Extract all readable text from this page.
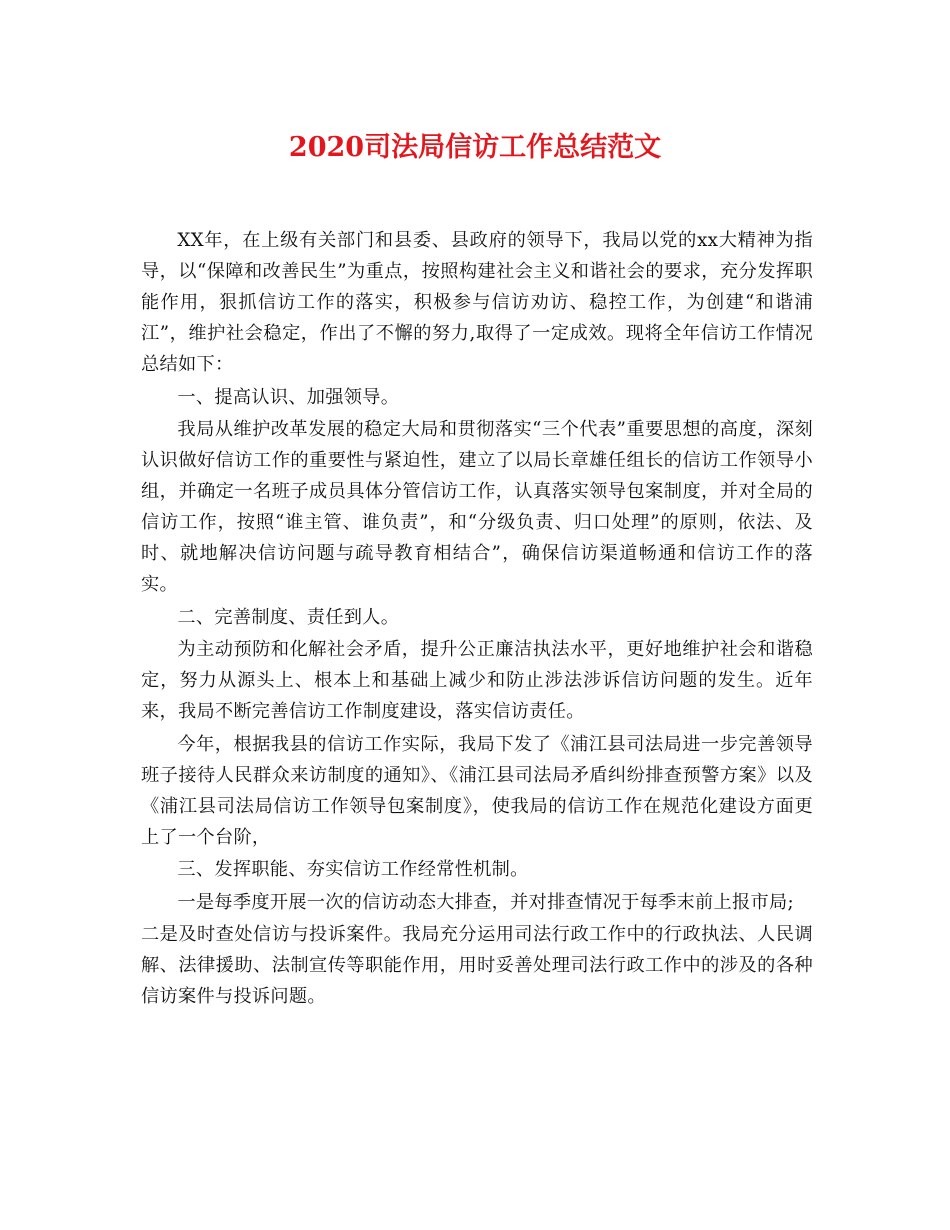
2020司法局信访工作总结范文

XX年，在上级有关部门和县委、县政府的领导下，我局以党的xx大精神为指导，以“保障和改善民生”为重点，按照构建社会主义和谐社会的要求，充分发挥职能作用，狠抓信访工作的落实，积极参与信访劝访、稳控工作，为创建“和谐浦江”，维护社会稳定，作出了不懈的努力,取得了一定成效。现将全年信访工作情况总结如下：

一、提高认识、加强领导。

我局从维护改革发展的稳定大局和贯彻落实“三个代表”重要思想的高度，深刻认识做好信访工作的重要性与紧迫性，建立了以局长章雄任组长的信访工作领导小组，并确定一名班子成员具体分管信访工作，认真落实领导包案制度，并对全局的信访工作，按照“谁主管、谁负责”，和“分级负责、归口处理”的原则，依法、及时、就地解决信访问题与疏导教育相结合”，确保信访渠道畅通和信访工作的落实。

二、完善制度、责任到人。

为主动预防和化解社会矛盾，提升公正廉洁执法水平，更好地维护社会和谐稳定，努力从源头上、根本上和基础上减少和防止涉法涉诉信访问题的发生。近年来，我局不断完善信访工作制度建设，落实信访责任。

今年，根据我县的信访工作实际，我局下发了《浦江县司法局进一步完善领导班子接待人民群众来访制度的通知》、《浦江县司法局矛盾纠纷排查预警方案》以及《浦江县司法局信访工作领导包案制度》，使我局的信访工作在规范化建设方面更上了一个台阶，

三、发挥职能、夯实信访工作经常性机制。

一是每季度开展一次的信访动态大排查，并对排查情况于每季末前上报市局;

二是及时查处信访与投诉案件。我局充分运用司法行政工作中的行政执法、人民调解、法律援助、法制宣传等职能作用，用时妥善处理司法行政工作中的涉及的各种信访案件与投诉问题。
